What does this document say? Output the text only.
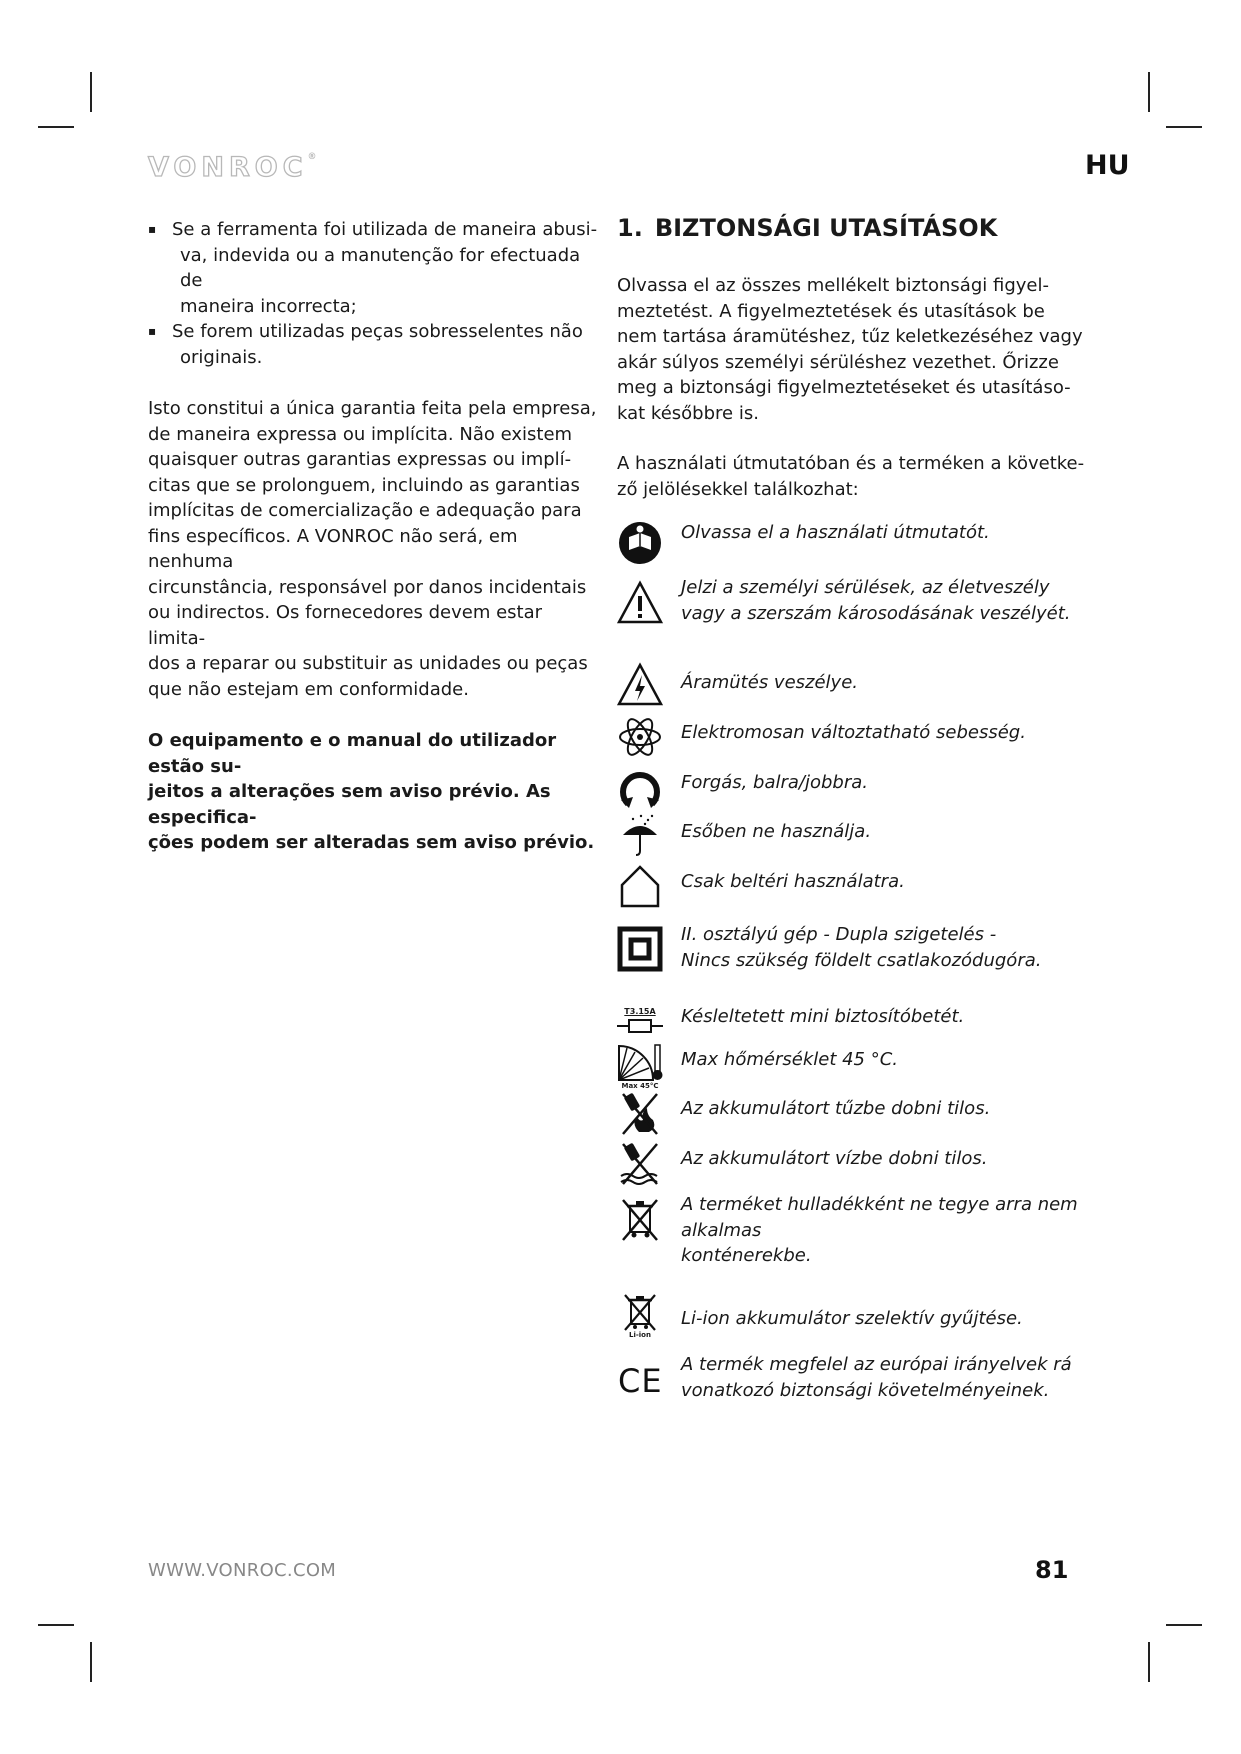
VONROC®	HU
▪ Se a ferramenta foi utilizada de maneira abusi-
va, indevida ou a manutenção for efectuada de
maneira incorrecta;
▪ Se forem utilizadas peças sobresselentes não
originais.
Isto constitui a única garantia feita pela empresa,
de maneira expressa ou implícita. Não existem
quaisquer outras garantias expressas ou implí-
citas que se prolonguem, incluindo as garantias
implícitas de comercialização e adequação para
fins específicos. A VONROC não será, em nenhuma
circunstância, responsável por danos incidentais
ou indirectos. Os fornecedores devem estar limita-
dos a reparar ou substituir as unidades ou peças
que não estejam em conformidade.
O equipamento e o manual do utilizador estão su-
jeitos a alterações sem aviso prévio. As especifica-
ções podem ser alteradas sem aviso prévio.
1. BIZTONSÁGI UTASÍTÁSOK
Olvassa el az összes mellékelt biztonsági figyel-
meztetést. A figyelmeztetések és utasítások be
nem tartása áramütéshez, tűz keletkezéséhez vagy
akár súlyos személyi sérüléshez vezethet. Őrizze
meg a biztonsági figyelmeztetéseket és utasításo-
kat későbbre is.
A használati útmutatóban és a terméken a követke-
ző jelölésekkel találkozhat:
Olvassa el a használati útmutatót.
Jelzi a személyi sérülések, az életveszély
vagy a szerszám károsodásának veszélyét.
Áramütés veszélye.
Elektromosan változtatható sebesség.
Forgás, balra/jobbra.
Esőben ne használja.
Csak beltéri használatra.
II. osztályú gép - Dupla szigetelés -
Nincs szükség földelt csatlakozódugóra.
T3.15A Késleltetett mini biztosítóbetét.
Max 45°C
Max hőmérséklet 45 °C.
Az akkumulátort tűzbe dobni tilos.
Az akkumulátort vízbe dobni tilos.
A terméket hulladékként ne tegye arra nem
alkalmas
konténerekbe.
Li-ion
Li-ion akkumulátor szelektív gyűjtése.
CE A termék megfelel az európai irányelvek rá
vonatkozó biztonsági követelményeinek.
WWW.VONROC.COM	81
